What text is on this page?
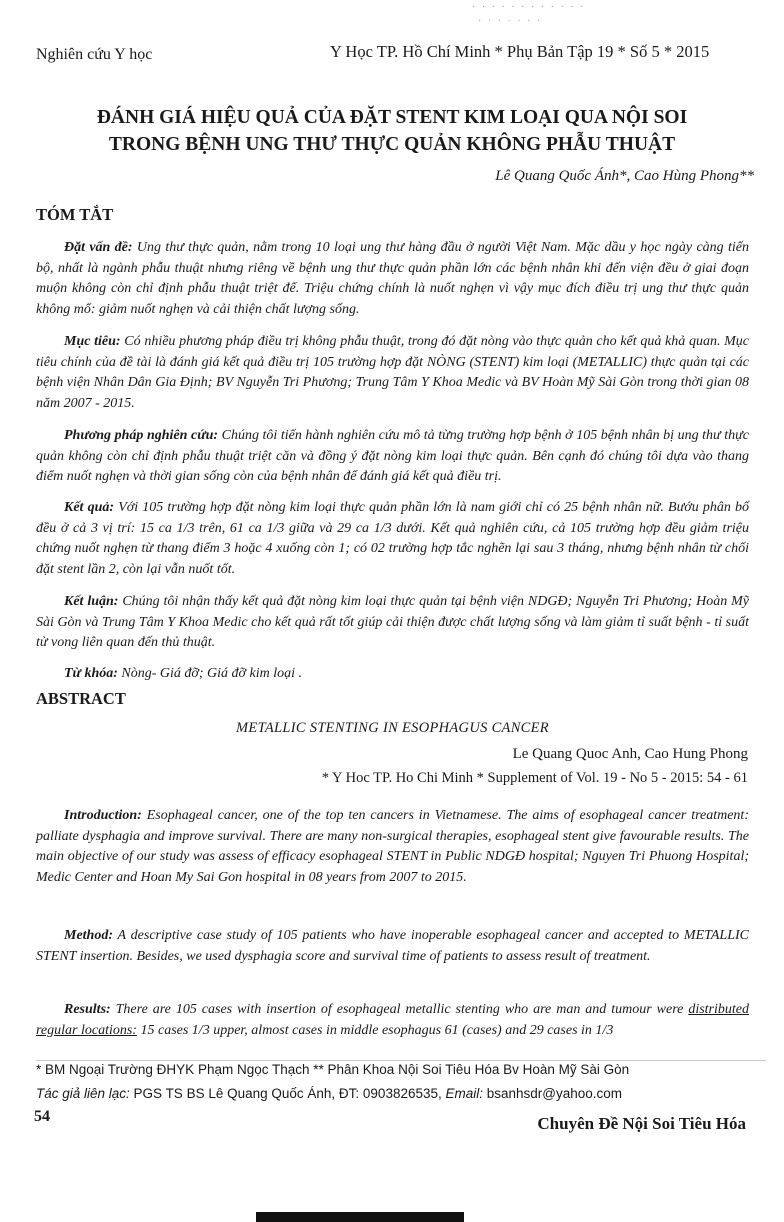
· · · · · · · · · · · ·
· · · · · · ·
Nghiên cứu Y học	Y Học TP. Hồ Chí Minh * Phụ Bản Tập 19 * Số 5 * 2015
ĐÁNH GIÁ HIỆU QUẢ CỦA ĐẶT STENT KIM LOẠI QUA NỘI SOI
TRONG BỆNH UNG THƯ THỰC QUẢN KHÔNG PHẪU THUẬT
Lê Quang Quốc Ánh*, Cao Hùng Phong**
TÓM TẮT

Đặt vấn đề: Ung thư thực quản, nằm trong 10 loại ung thư hàng đầu ở người Việt Nam. Mặc dầu y học ngày càng tiến bộ, nhất là ngành phẫu thuật nhưng riêng về bệnh ung thư thực quản phần lớn các bệnh nhân khi đến viện đều ở giai đoạn muộn không còn chỉ định phẫu thuật triệt để. Triệu chứng chính là nuốt nghẹn vì vậy mục đích điều trị ung thư thực quản không mổ: giảm nuốt nghẹn và cải thiện chất lượng sống.

Mục tiêu: Có nhiều phương pháp điều trị không phẫu thuật, trong đó đặt nòng vào thực quản cho kết quả khả quan. Mục tiêu chính của đề tài là đánh giá kết quả điều trị 105 trường hợp đặt NÒNG (STENT) kim loại (METALLIC) thực quản tại các bệnh viện Nhân Dân Gia Định; BV Nguyễn Tri Phương; Trung Tâm Y Khoa Medic và BV Hoàn Mỹ Sài Gòn trong thời gian 08 năm 2007 - 2015.

Phương pháp nghiên cứu: Chúng tôi tiến hành nghiên cứu mô tả từng trường hợp bệnh ở 105 bệnh nhân bị ung thư thực quản không còn chỉ định phẫu thuật triệt căn và đồng ý đặt nòng kim loại thực quản. Bên cạnh đó chúng tôi dựa vào thang điểm nuốt nghẹn và thời gian sống còn của bệnh nhân để đánh giá kết quả điều trị.

Kết quả: Với 105 trường hợp đặt nòng kim loại thực quản phần lớn là nam giới chỉ có 25 bệnh nhân nữ. Bướu phân bố đều ở cả 3 vị trí: 15 ca 1/3 trên, 61 ca 1/3 giữa và 29 ca 1/3 dưới. Kết quả nghiên cứu, cả 105 trường hợp đều giảm triệu chứng nuốt nghẹn từ thang điểm 3 hoặc 4 xuống còn 1; có 02 trường hợp tắc nghẽn lại sau 3 tháng, nhưng bệnh nhân từ chối đặt stent lần 2, còn lại vẫn nuốt tốt.

Kết luận: Chúng tôi nhận thấy kết quả đặt nòng kim loại thực quản tại bệnh viện NDGĐ; Nguyễn Tri Phương; Hoàn Mỹ Sài Gòn và Trung Tâm Y Khoa Medic cho kết quả rất tốt giúp cải thiện được chất lượng sống và làm giảm tỉ suất bệnh - tỉ suất tử vong liên quan đến thủ thuật.

Từ khóa: Nòng- Giá đỡ; Giá đỡ kim loại .

ABSTRACT
METALLIC STENTING IN ESOPHAGUS CANCER
Le Quang Quoc Anh, Cao Hung Phong
* Y Hoc TP. Ho Chi Minh * Supplement of Vol. 19 - No 5 - 2015: 54 - 61

Introduction: Esophageal cancer, one of the top ten cancers in Vietnamese. The aims of esophageal cancer treatment: palliate dysphagia and improve survival. There are many non-surgical therapies, esophageal stent give favourable results. The main objective of our study was assess of efficacy esophageal STENT in Public NDGĐ hospital; Nguyen Tri Phuong Hospital; Medic Center and Hoan My Sai Gon hospital in 08 years from 2007 to 2015.

Method: A descriptive case study of 105 patients who have inoperable esophageal cancer and accepted to METALLIC STENT insertion. Besides, we used dysphagia score and survival time of patients to assess result of treatment.

Results: There are 105 cases with insertion of esophageal metallic stenting who are man and tumour were distributed regular locations: 15 cases 1/3 upper, almost cases in middle esophagus 61 (cases) and 29 cases in 1/3

* BM Ngoại Trường ĐHYK Phạm Ngọc Thạch ** Phân Khoa Nội Soi Tiêu Hóa Bv Hoàn Mỹ Sài Gòn
Tác giả liên lạc: PGS TS BS Lê Quang Quốc Ánh, ĐT: 0903826535, Email: bsanhsdr@yahoo.com
54	Chuyên Đề Nội Soi Tiêu Hóa
